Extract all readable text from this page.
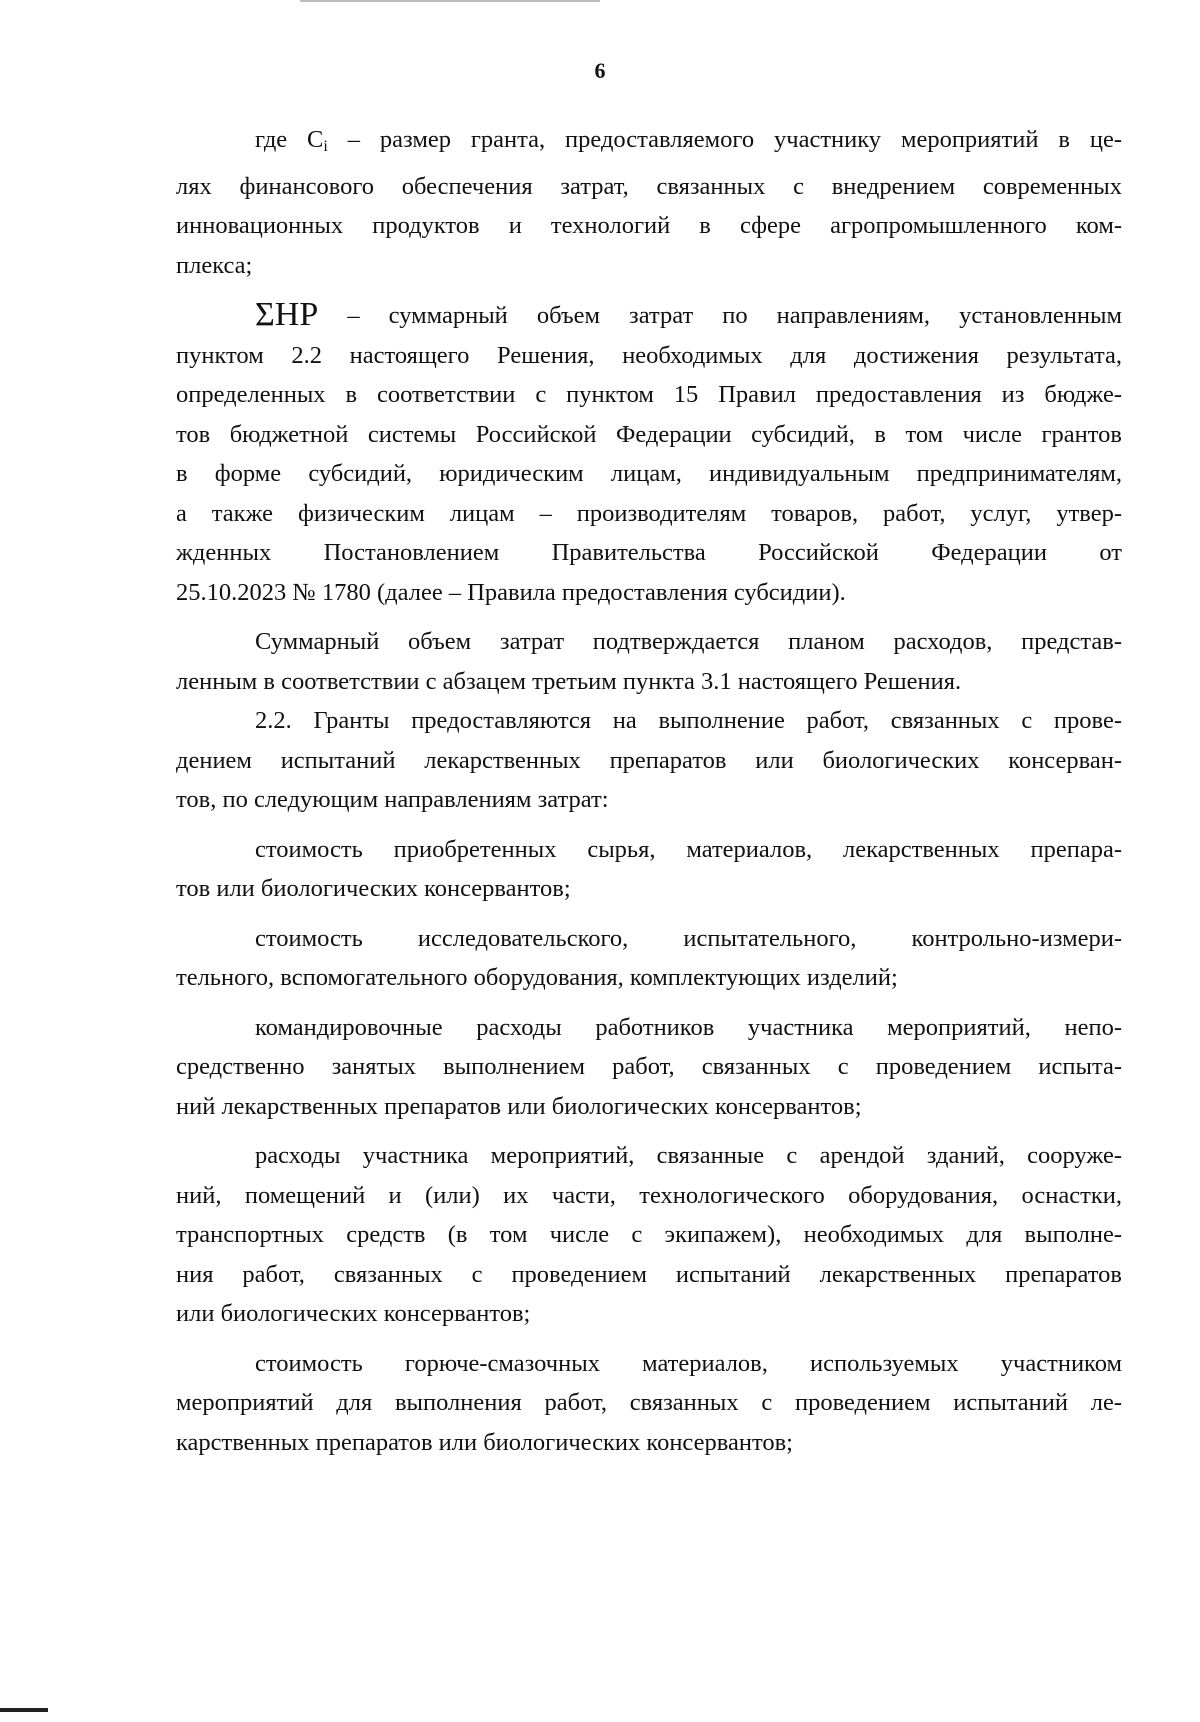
6
где $C_i$ – размер гранта, предоставляемого участнику мероприятий в це-
лях финансового обеспечения затрат, связанных с внедрением современных
инновационных продуктов и технологий в сфере агропромышленного ком-
плекса;
ΣHP – суммарный объем затрат по направлениям, установленным
пунктом 2.2 настоящего Решения, необходимых для достижения результата,
определенных в соответствии с пунктом 15 Правил предоставления из бюдже-
тов бюджетной системы Российской Федерации субсидий, в том числе грантов
в форме субсидий, юридическим лицам, индивидуальным предпринимателям,
а также физическим лицам – производителям товаров, работ, услуг, утвер-
жденных Постановлением Правительства Российской Федерации от
25.10.2023 № 1780 (далее – Правила предоставления субсидии).
Суммарный объем затрат подтверждается планом расходов, представ-
ленным в соответствии с абзацем третьим пункта 3.1 настоящего Решения.
2.2. Гранты предоставляются на выполнение работ, связанных с прове-
дением испытаний лекарственных препаратов или биологических консерван-
тов, по следующим направлениям затрат:
стоимость приобретенных сырья, материалов, лекарственных препара-
тов или биологических консервантов;
стоимость исследовательского, испытательного, контрольно-измери-
тельного, вспомогательного оборудования, комплектующих изделий;
командировочные расходы работников участника мероприятий, непо-
средственно занятых выполнением работ, связанных с проведением испыта-
ний лекарственных препаратов или биологических консервантов;
расходы участника мероприятий, связанные с арендой зданий, сооруже-
ний, помещений и (или) их части, технологического оборудования, оснастки,
транспортных средств (в том числе с экипажем), необходимых для выполне-
ния работ, связанных с проведением испытаний лекарственных препаратов
или биологических консервантов;
стоимость горюче-смазочных материалов, используемых участником
мероприятий для выполнения работ, связанных с проведением испытаний ле-
карственных препаратов или биологических консервантов;
